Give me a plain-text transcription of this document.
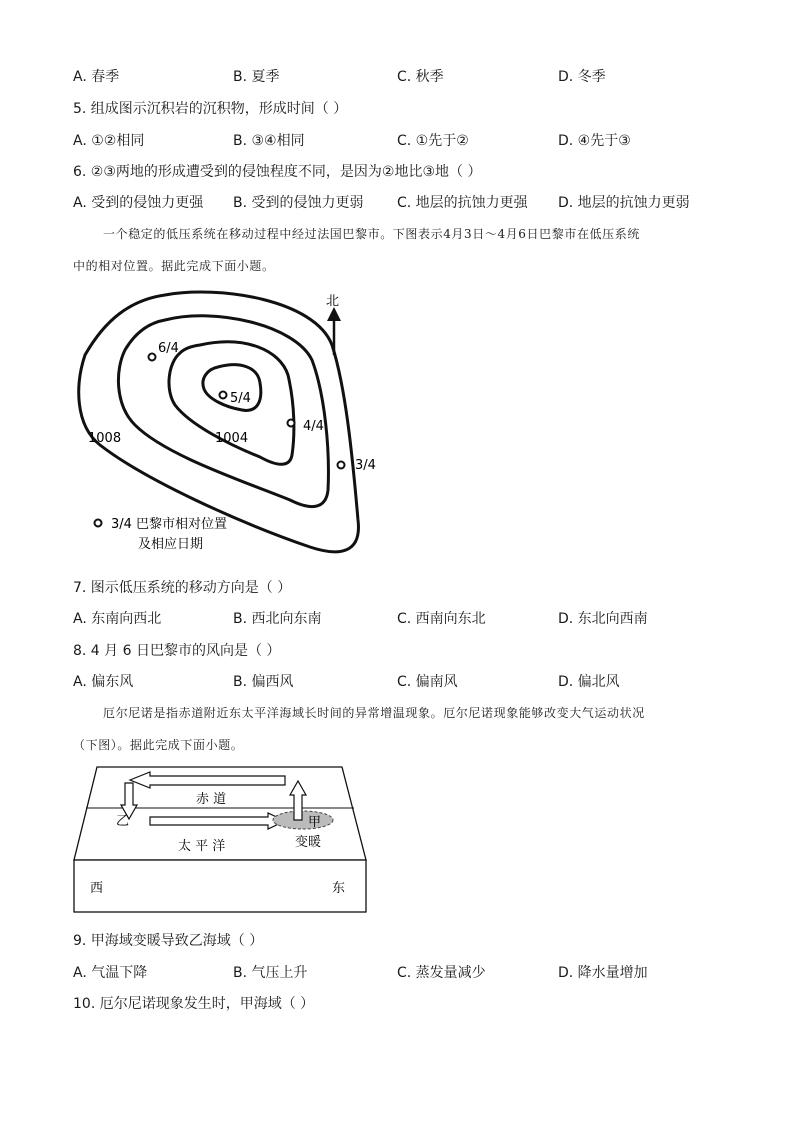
A. 春季	B. 夏季	C. 秋季	D. 冬季
5. 组成图示沉积岩的沉积物，形成时间（ ）
A. ①②相同	B. ③④相同	C. ①先于②	D. ④先于③
6. ②③两地的形成遭受到的侵蚀程度不同，是因为②地比③地（ ）
A. 受到的侵蚀力更强 B. 受到的侵蚀力更弱 C. 地层的抗蚀力更强 D. 地层的抗蚀力更弱
一个稳定的低压系统在移动过程中经过法国巴黎市。下图表示4月3日～4月6日巴黎市在低压系统
中的相对位置。据此完成下面小题。
北
6/4
5/4
4/4
3/4
1008	1004
3/4 巴黎市相对位置
及相应日期
7. 图示低压系统的移动方向是（ ）
A. 东南向西北	B. 西北向东南	C. 西南向东北	D. 东北向西南
8. 4 月 6 日巴黎市的风向是（ ）
A. 偏东风	B. 偏西风	C. 偏南风	D. 偏北风
厄尔尼诺是指赤道附近东太平洋海域长时间的异常增温现象。厄尔尼诺现象能够改变大气运动状况
（下图）。据此完成下面小题。
赤 道
太 平 洋
甲
乙
变暖
西	东
9. 甲海域变暖导致乙海域（ ）
A. 气温下降	B. 气压上升	C. 蒸发量减少	D. 降水量增加
10. 厄尔尼诺现象发生时，甲海域（ ）
